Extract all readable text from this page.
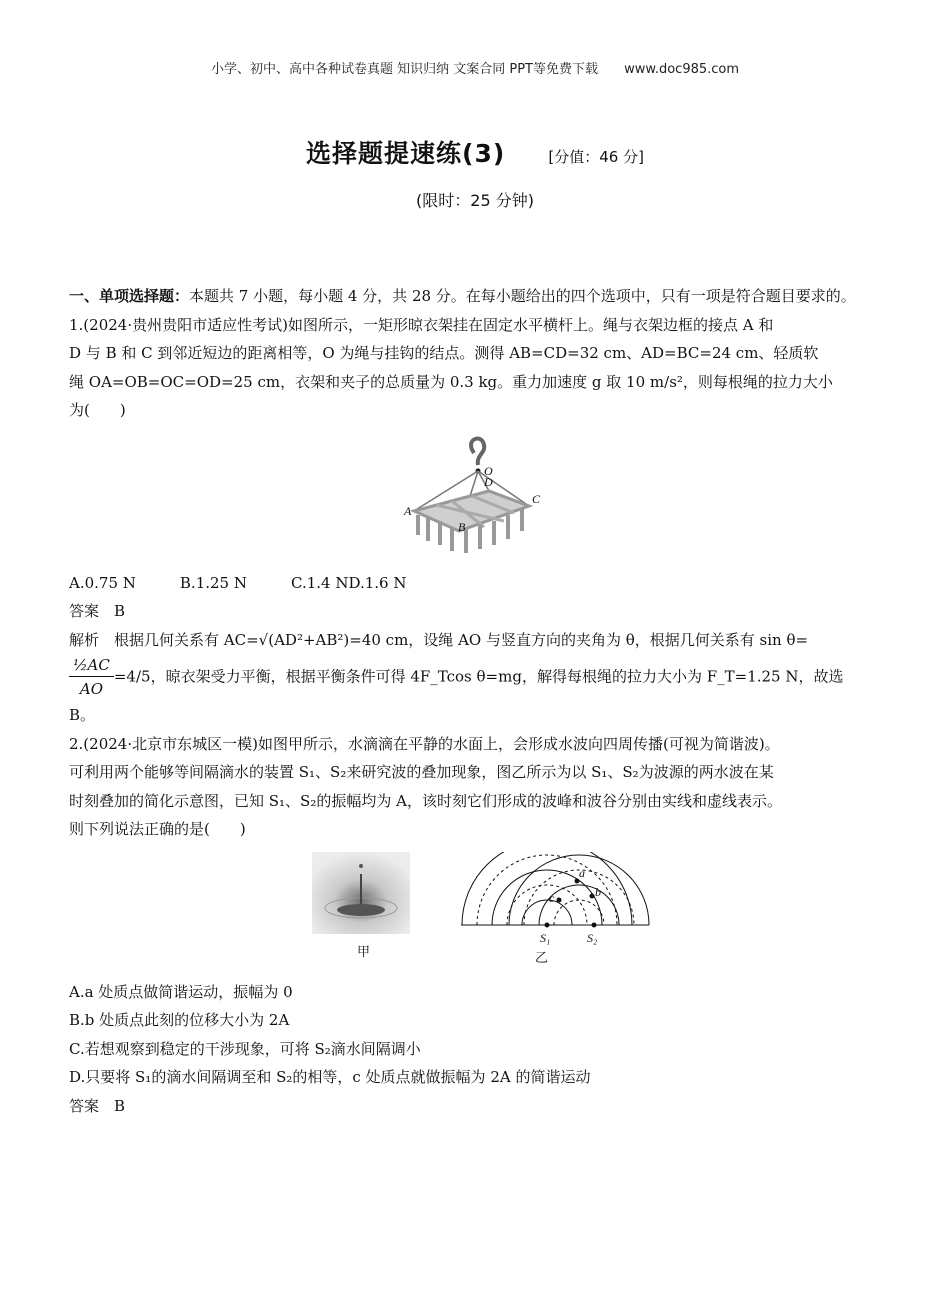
小学、初中、高中各种试卷真题 知识归纳 文案合同 PPT等免费下载 www.doc985.com
选择题提速练(3)	[分值：46 分]
(限时：25 分钟)

一、单项选择题：本题共 7 小题，每小题 4 分，共 28 分。在每小题给出的四个选项中，只有一项是符合题目要求的。

1.(2024·贵州贵阳市适应性考试)如图所示，一矩形晾衣架挂在固定水平横杆上。绳与衣架边框的接点 A 和

D 与 B 和 C 到邻近短边的距离相等，O 为绳与挂钩的结点。测得 AB=CD=32 cm、AD=BC=24 cm、轻质软

绳 OA=OB=OC=OD=25 cm，衣架和夹子的总质量为 0.3 kg。重力加速度 g 取 10 m/s²，则每根绳的拉力大小

为(　　)

O
D
C
A
B

A.0.75 N	B.1.25 N	C.1.4 ND.1.6 N

答案　 B

解析　 根据几何关系有 AC=√(AD²+AB²)=40 cm，设绳 AO 与竖直方向的夹角为 θ，根据几何关系有 sin θ=

$\frac{\text{½AC}}{AO} =4/5$，晾衣架受力平衡，根据平衡条件可得 4F_Tcos θ=mg，解得每根绳的拉力大小为 F_T=1.25 N，故选

B。

2.(2024·北京市东城区一模)如图甲所示，水滴滴在平静的水面上，会形成水波向四周传播(可视为简谐波)。

可利用两个能够等间隔滴水的装置 S₁、S₂来研究波的叠加现象，图乙所示为以 S₁、S₂为波源的两水波在某

时刻叠加的简化示意图，已知 S₁、S₂的振幅均为 A，该时刻它们形成的波峰和波谷分别由实线和虚线表示。

则下列说法正确的是(　　)

甲
a
b
c
S₁	S₂
乙

A.a 处质点做简谐运动，振幅为 0

B.b 处质点此刻的位移大小为 2A

C.若想观察到稳定的干涉现象，可将 S₂滴水间隔调小

D.只要将 S₁的滴水间隔调至和 S₂的相等，c 处质点就做振幅为 2A 的简谐运动

答案　 B
